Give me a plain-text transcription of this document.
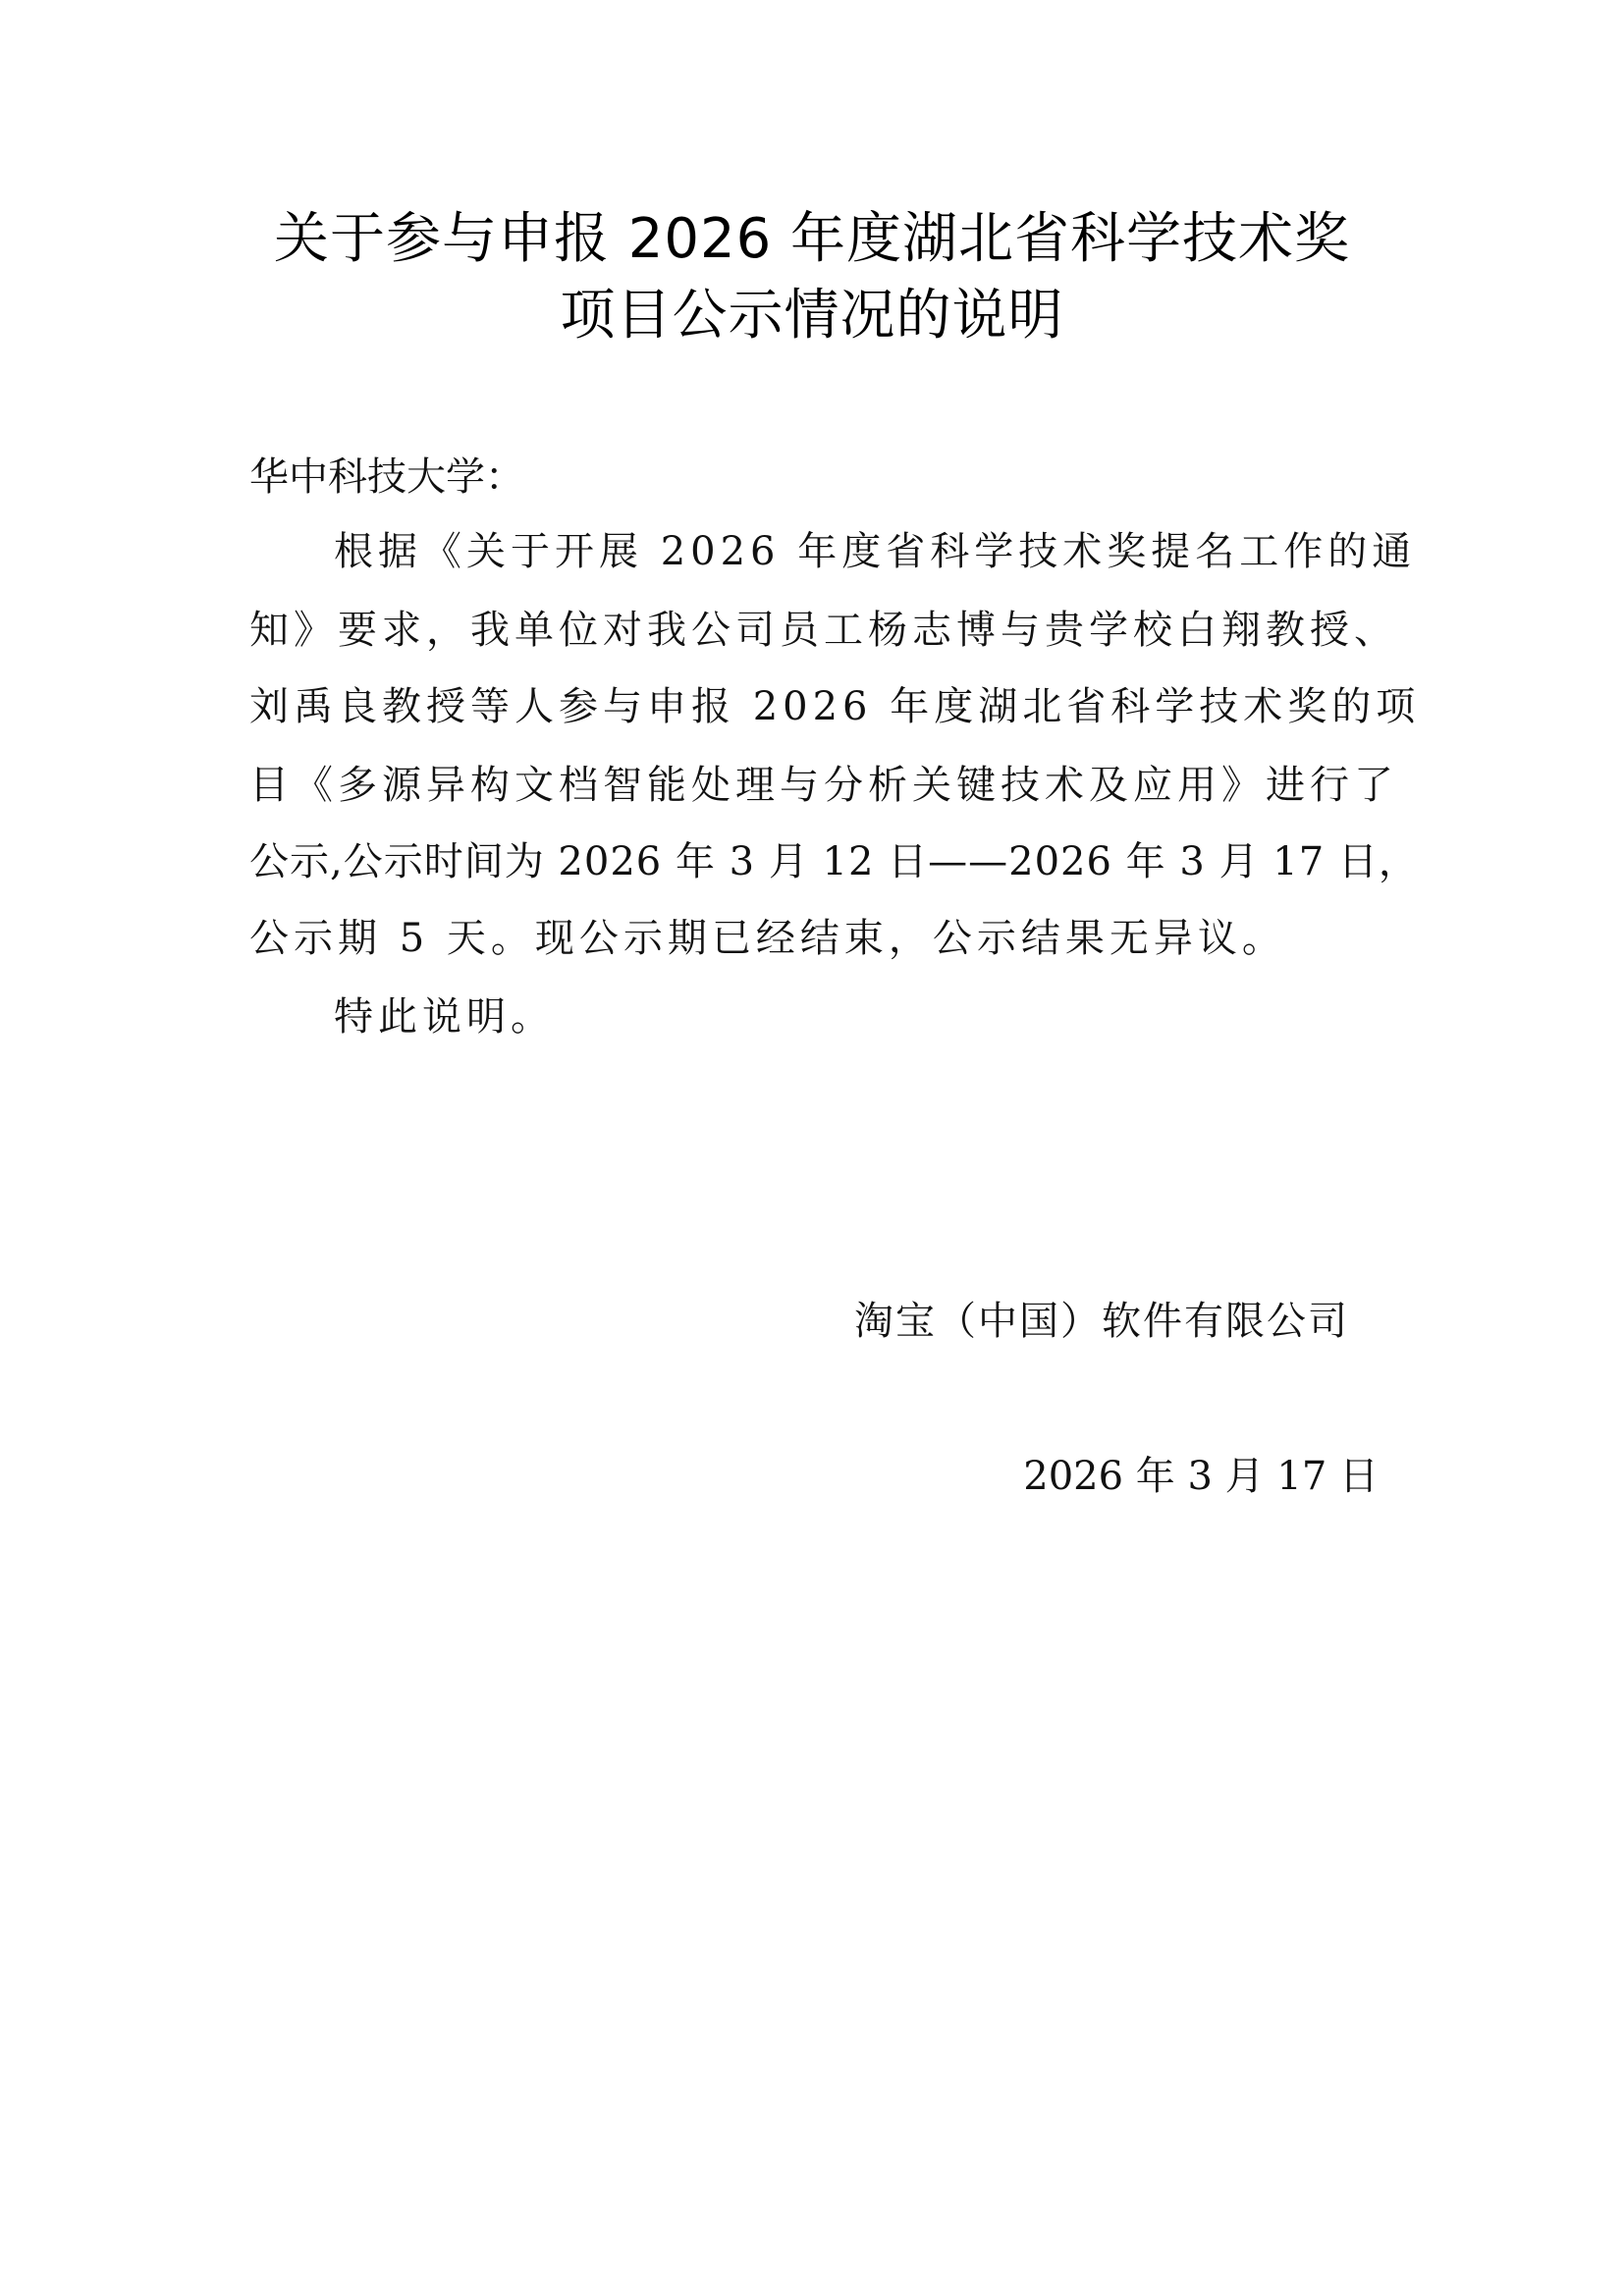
关于参与申报 2026 年度湖北省科学技术奖
项目公示情况的说明
华中科技大学：
根据《关于开展 2026 年度省科学技术奖提名工作的通
知》要求，我单位对我公司员工杨志博与贵学校白翔教授、
刘禹良教授等人参与申报 2026 年度湖北省科学技术奖的项
目《多源异构文档智能处理与分析关键技术及应用》进行了
公示,公示时间为 2026 年 3 月 12 日——2026 年 3 月 17 日，
公示期 5 天。现公示期已经结束，公示结果无异议。
特此说明。
淘宝（中国）软件有限公司
2026 年 3 月 17 日
